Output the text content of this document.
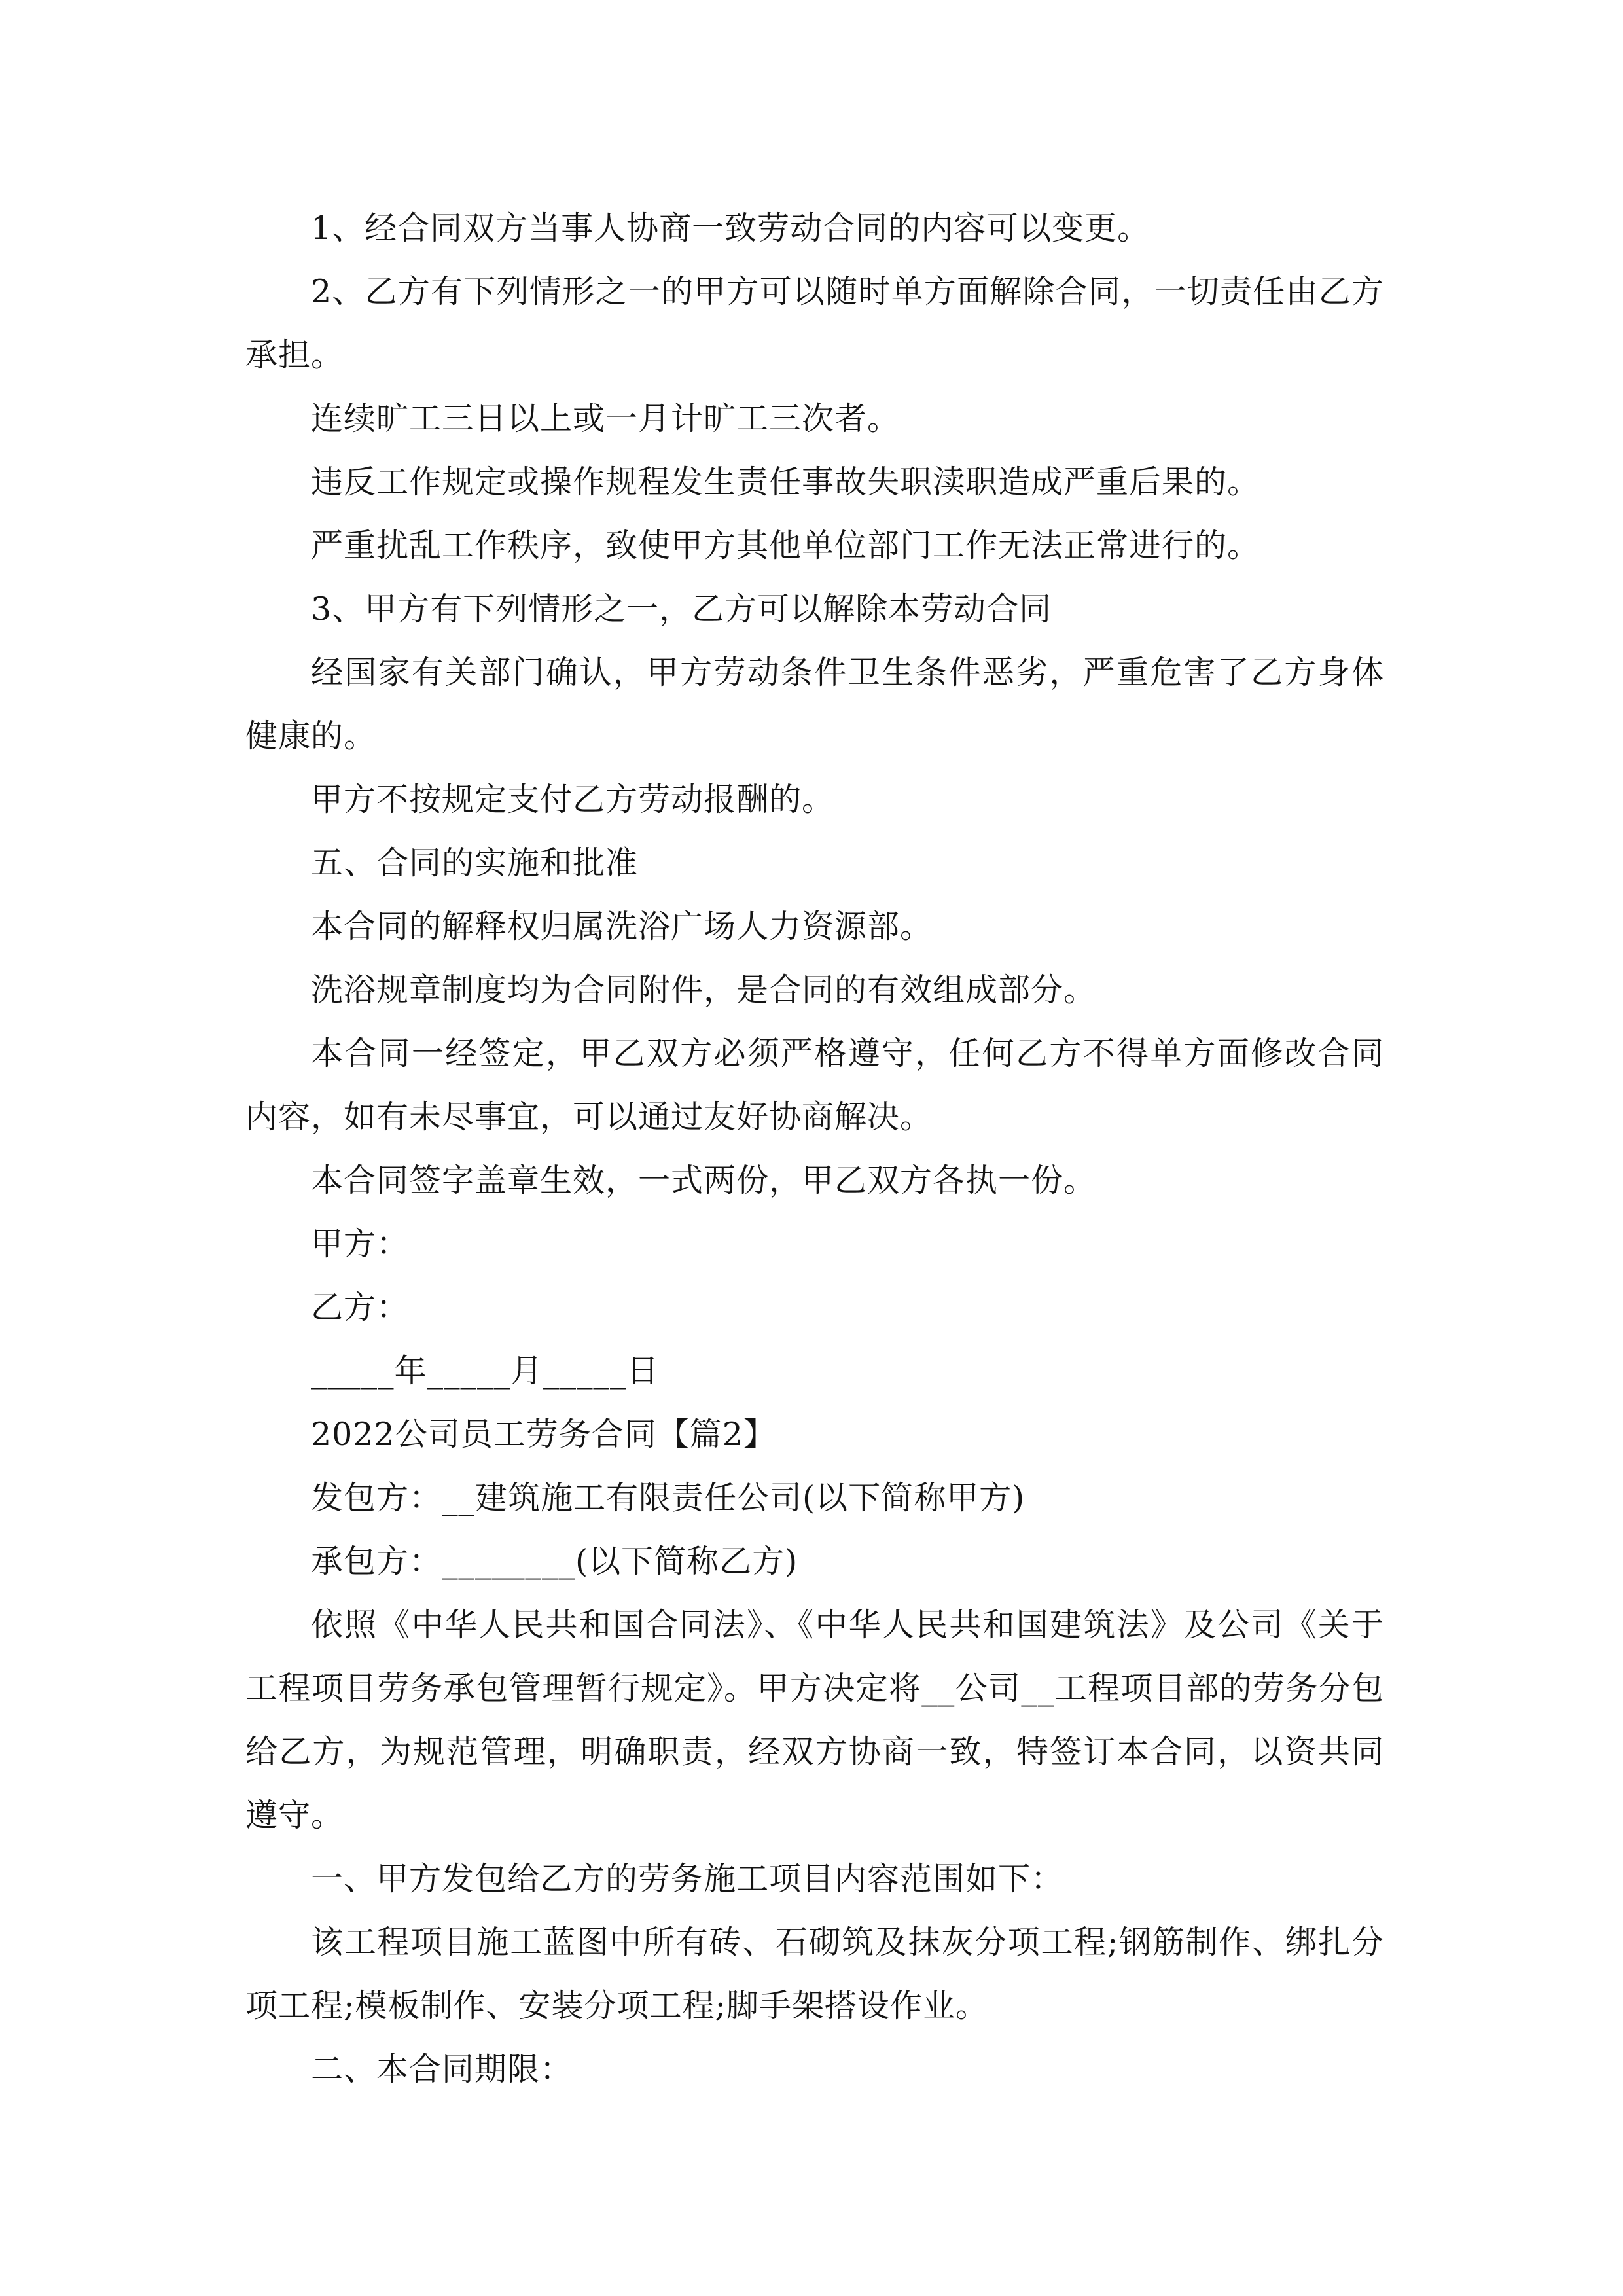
1、经合同双方当事人协商一致劳动合同的内容可以变更。

2、乙方有下列情形之一的甲方可以随时单方面解除合同，一切责任由乙方承担。

连续旷工三日以上或一月计旷工三次者。

违反工作规定或操作规程发生责任事故失职渎职造成严重后果的。

严重扰乱工作秩序，致使甲方其他单位部门工作无法正常进行的。

3、甲方有下列情形之一，乙方可以解除本劳动合同

经国家有关部门确认，甲方劳动条件卫生条件恶劣，严重危害了乙方身体健康的。

甲方不按规定支付乙方劳动报酬的。

五、合同的实施和批准

本合同的解释权归属洗浴广场人力资源部。

洗浴规章制度均为合同附件，是合同的有效组成部分。

本合同一经签定，甲乙双方必须严格遵守，任何乙方不得单方面修改合同内容，如有未尽事宜，可以通过友好协商解决。

本合同签字盖章生效，一式两份，甲乙双方各执一份。

甲方：

乙方：

_____年_____月_____日

2022公司员工劳务合同【篇2】

发包方：__建筑施工有限责任公司(以下简称甲方)

承包方：________(以下简称乙方)

依照《中华人民共和国合同法》、《中华人民共和国建筑法》及公司《关于工程项目劳务承包管理暂行规定》。甲方决定将__公司__工程项目部的劳务分包给乙方，为规范管理，明确职责，经双方协商一致，特签订本合同，以资共同遵守。

一、甲方发包给乙方的劳务施工项目内容范围如下：

该工程项目施工蓝图中所有砖、石砌筑及抹灰分项工程;钢筋制作、绑扎分项工程;模板制作、安装分项工程;脚手架搭设作业。

二、本合同期限：
